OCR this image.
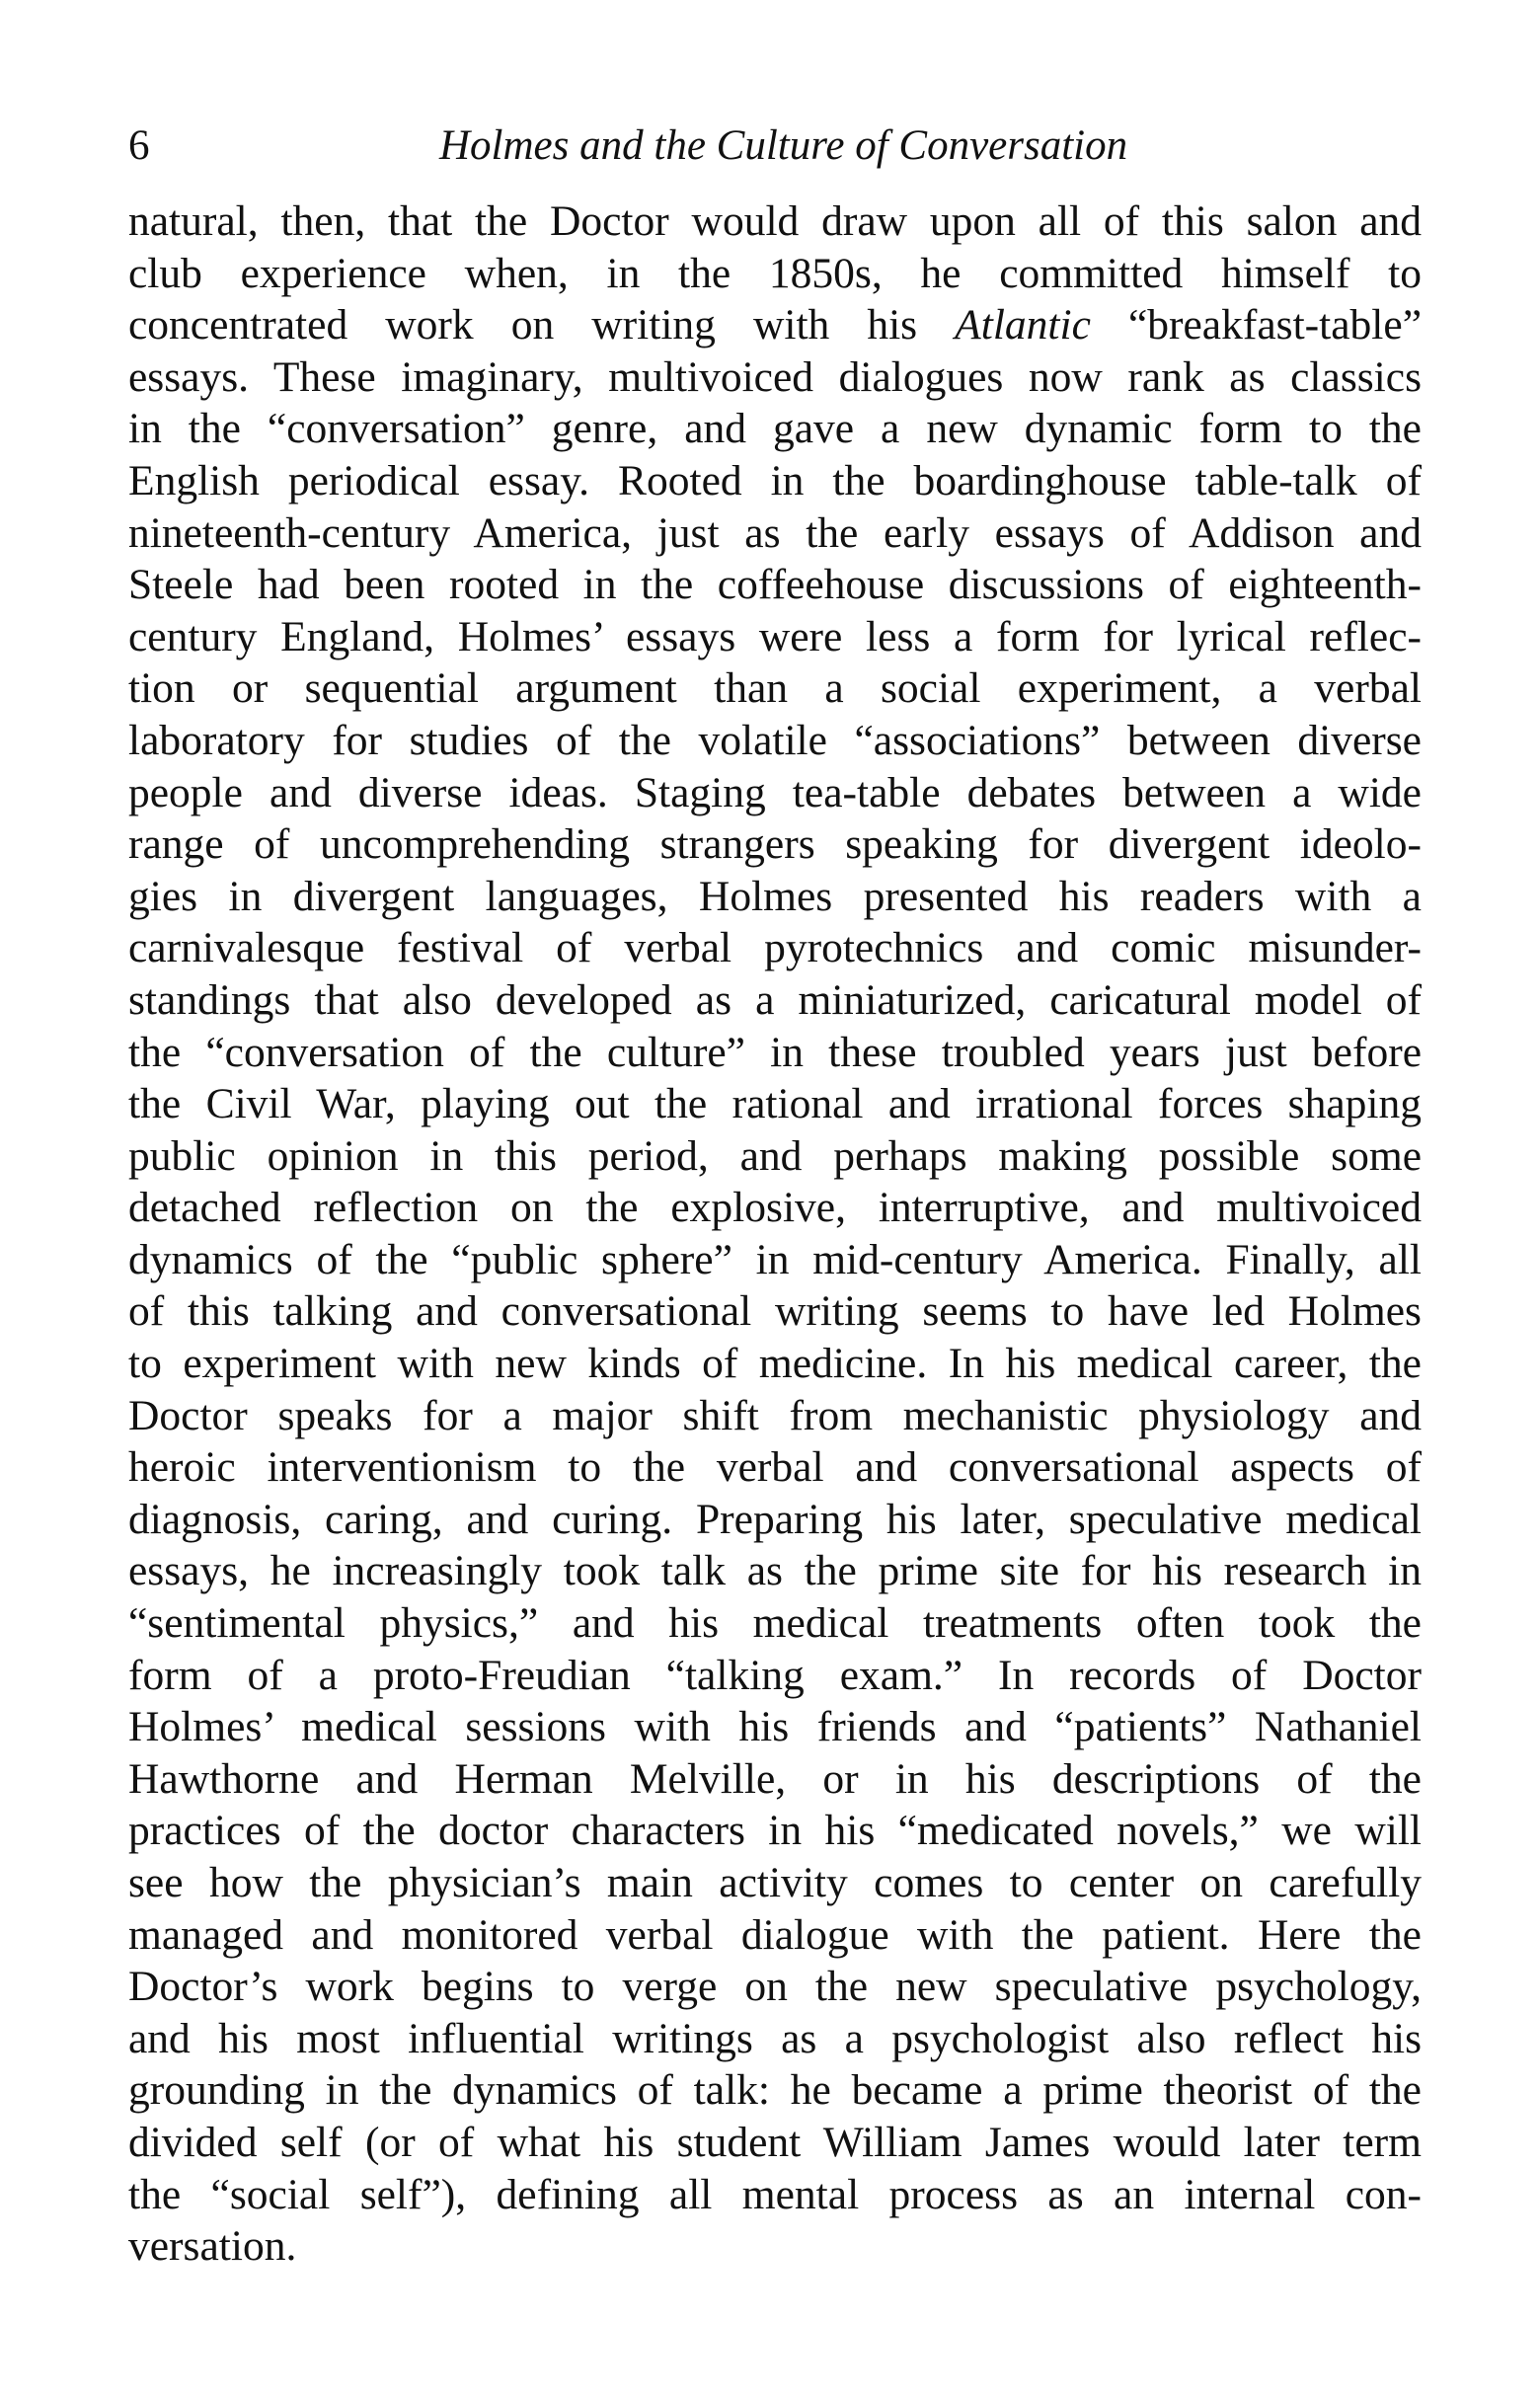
6	Holmes and the Culture of Conversation
natural, then, that the Doctor would draw upon all of this salon and
club experience when, in the 1850s, he committed himself to
concentrated work on writing with his Atlantic “breakfast-table”
essays. These imaginary, multivoiced dialogues now rank as classics
in the “conversation” genre, and gave a new dynamic form to the
English periodical essay. Rooted in the boardinghouse table-talk of
nineteenth-century America, just as the early essays of Addison and
Steele had been rooted in the coffeehouse discussions of eighteenth-
century England, Holmes’ essays were less a form for lyrical reflec-
tion or sequential argument than a social experiment, a verbal
laboratory for studies of the volatile “associations” between diverse
people and diverse ideas. Staging tea-table debates between a wide
range of uncomprehending strangers speaking for divergent ideolo-
gies in divergent languages, Holmes presented his readers with a
carnivalesque festival of verbal pyrotechnics and comic misunder-
standings that also developed as a miniaturized, caricatural model of
the “conversation of the culture” in these troubled years just before
the Civil War, playing out the rational and irrational forces shaping
public opinion in this period, and perhaps making possible some
detached reflection on the explosive, interruptive, and multivoiced
dynamics of the “public sphere” in mid-century America. Finally, all
of this talking and conversational writing seems to have led Holmes
to experiment with new kinds of medicine. In his medical career, the
Doctor speaks for a major shift from mechanistic physiology and
heroic interventionism to the verbal and conversational aspects of
diagnosis, caring, and curing. Preparing his later, speculative medical
essays, he increasingly took talk as the prime site for his research in
“sentimental physics,” and his medical treatments often took the
form of a proto-Freudian “talking exam.” In records of Doctor
Holmes’ medical sessions with his friends and “patients” Nathaniel
Hawthorne and Herman Melville, or in his descriptions of the
practices of the doctor characters in his “medicated novels,” we will
see how the physician’s main activity comes to center on carefully
managed and monitored verbal dialogue with the patient. Here the
Doctor’s work begins to verge on the new speculative psychology,
and his most influential writings as a psychologist also reflect his
grounding in the dynamics of talk: he became a prime theorist of the
divided self (or of what his student William James would later term
the “social self”), defining all mental process as an internal con-
versation.
